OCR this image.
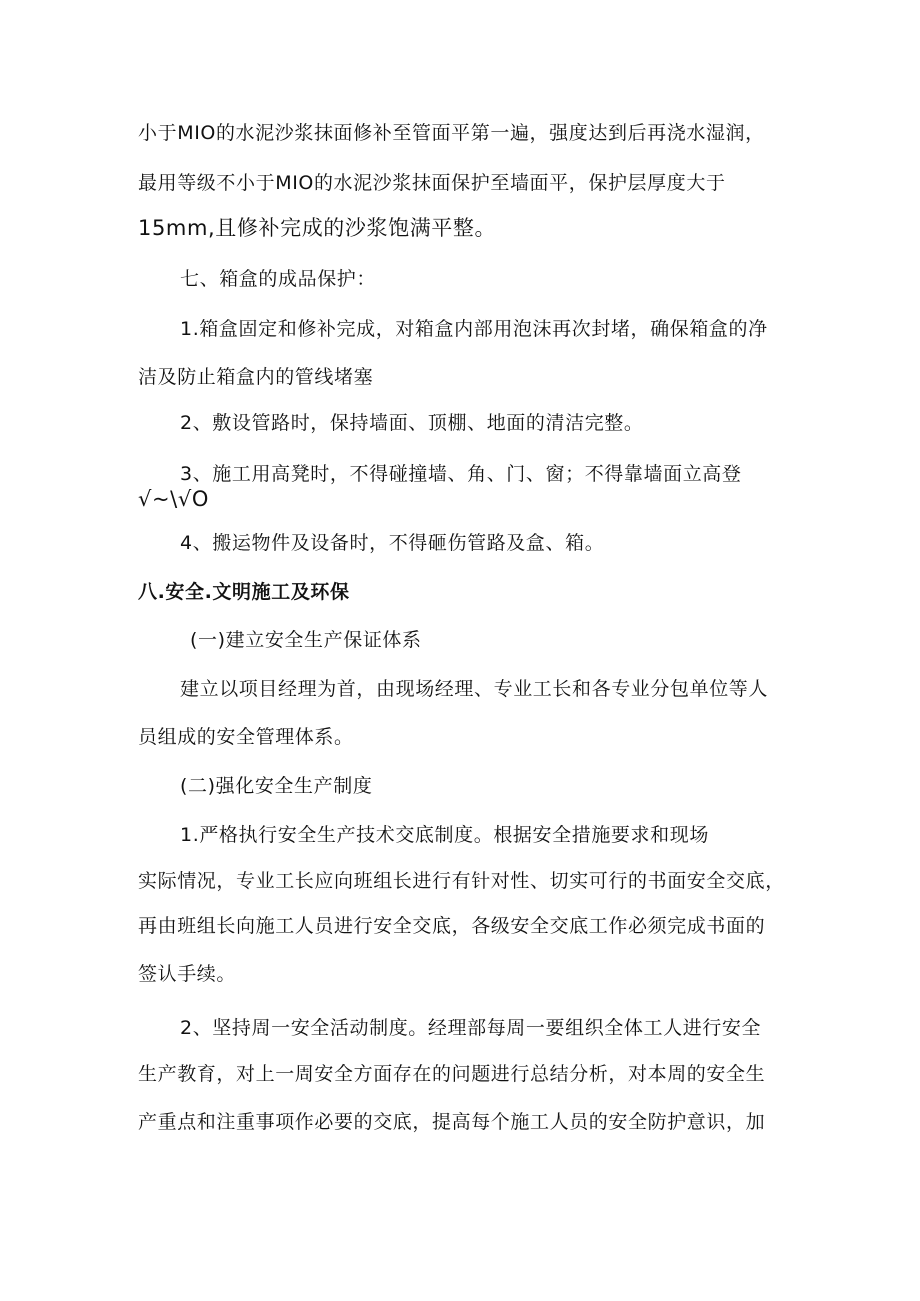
小于MIO的水泥沙浆抹面修补至管面平第一遍，强度达到后再浇水湿润，

最用等级不小于MIO的水泥沙浆抹面保护至墙面平，保护层厚度大于

15mm,且修补完成的沙浆饱满平整。

七、箱盒的成品保护：

1.箱盒固定和修补完成，对箱盒内部用泡沫再次封堵，确保箱盒的净

洁及防止箱盒内的管线堵塞

2、敷设管路时，保持墙面、顶棚、地面的清洁完整。

3、施工用高凳时，不得碰撞墙、角、门、窗；不得靠墙面立高登

√~\√O

4、搬运物件及设备时，不得砸伤管路及盒、箱。

八.安全.文明施工及环保

(一)建立安全生产保证体系

建立以项目经理为首，由现场经理、专业工长和各专业分包单位等人

员组成的安全管理体系。

(二)强化安全生产制度

1.严格执行安全生产技术交底制度。根据安全措施要求和现场

实际情况，专业工长应向班组长进行有针对性、切实可行的书面安全交底，

再由班组长向施工人员进行安全交底，各级安全交底工作必须完成书面的

签认手续。

2、坚持周一安全活动制度。经理部每周一要组织全体工人进行安全

生产教育，对上一周安全方面存在的问题进行总结分析，对本周的安全生

产重点和注重事项作必要的交底，提高每个施工人员的安全防护意识，加
